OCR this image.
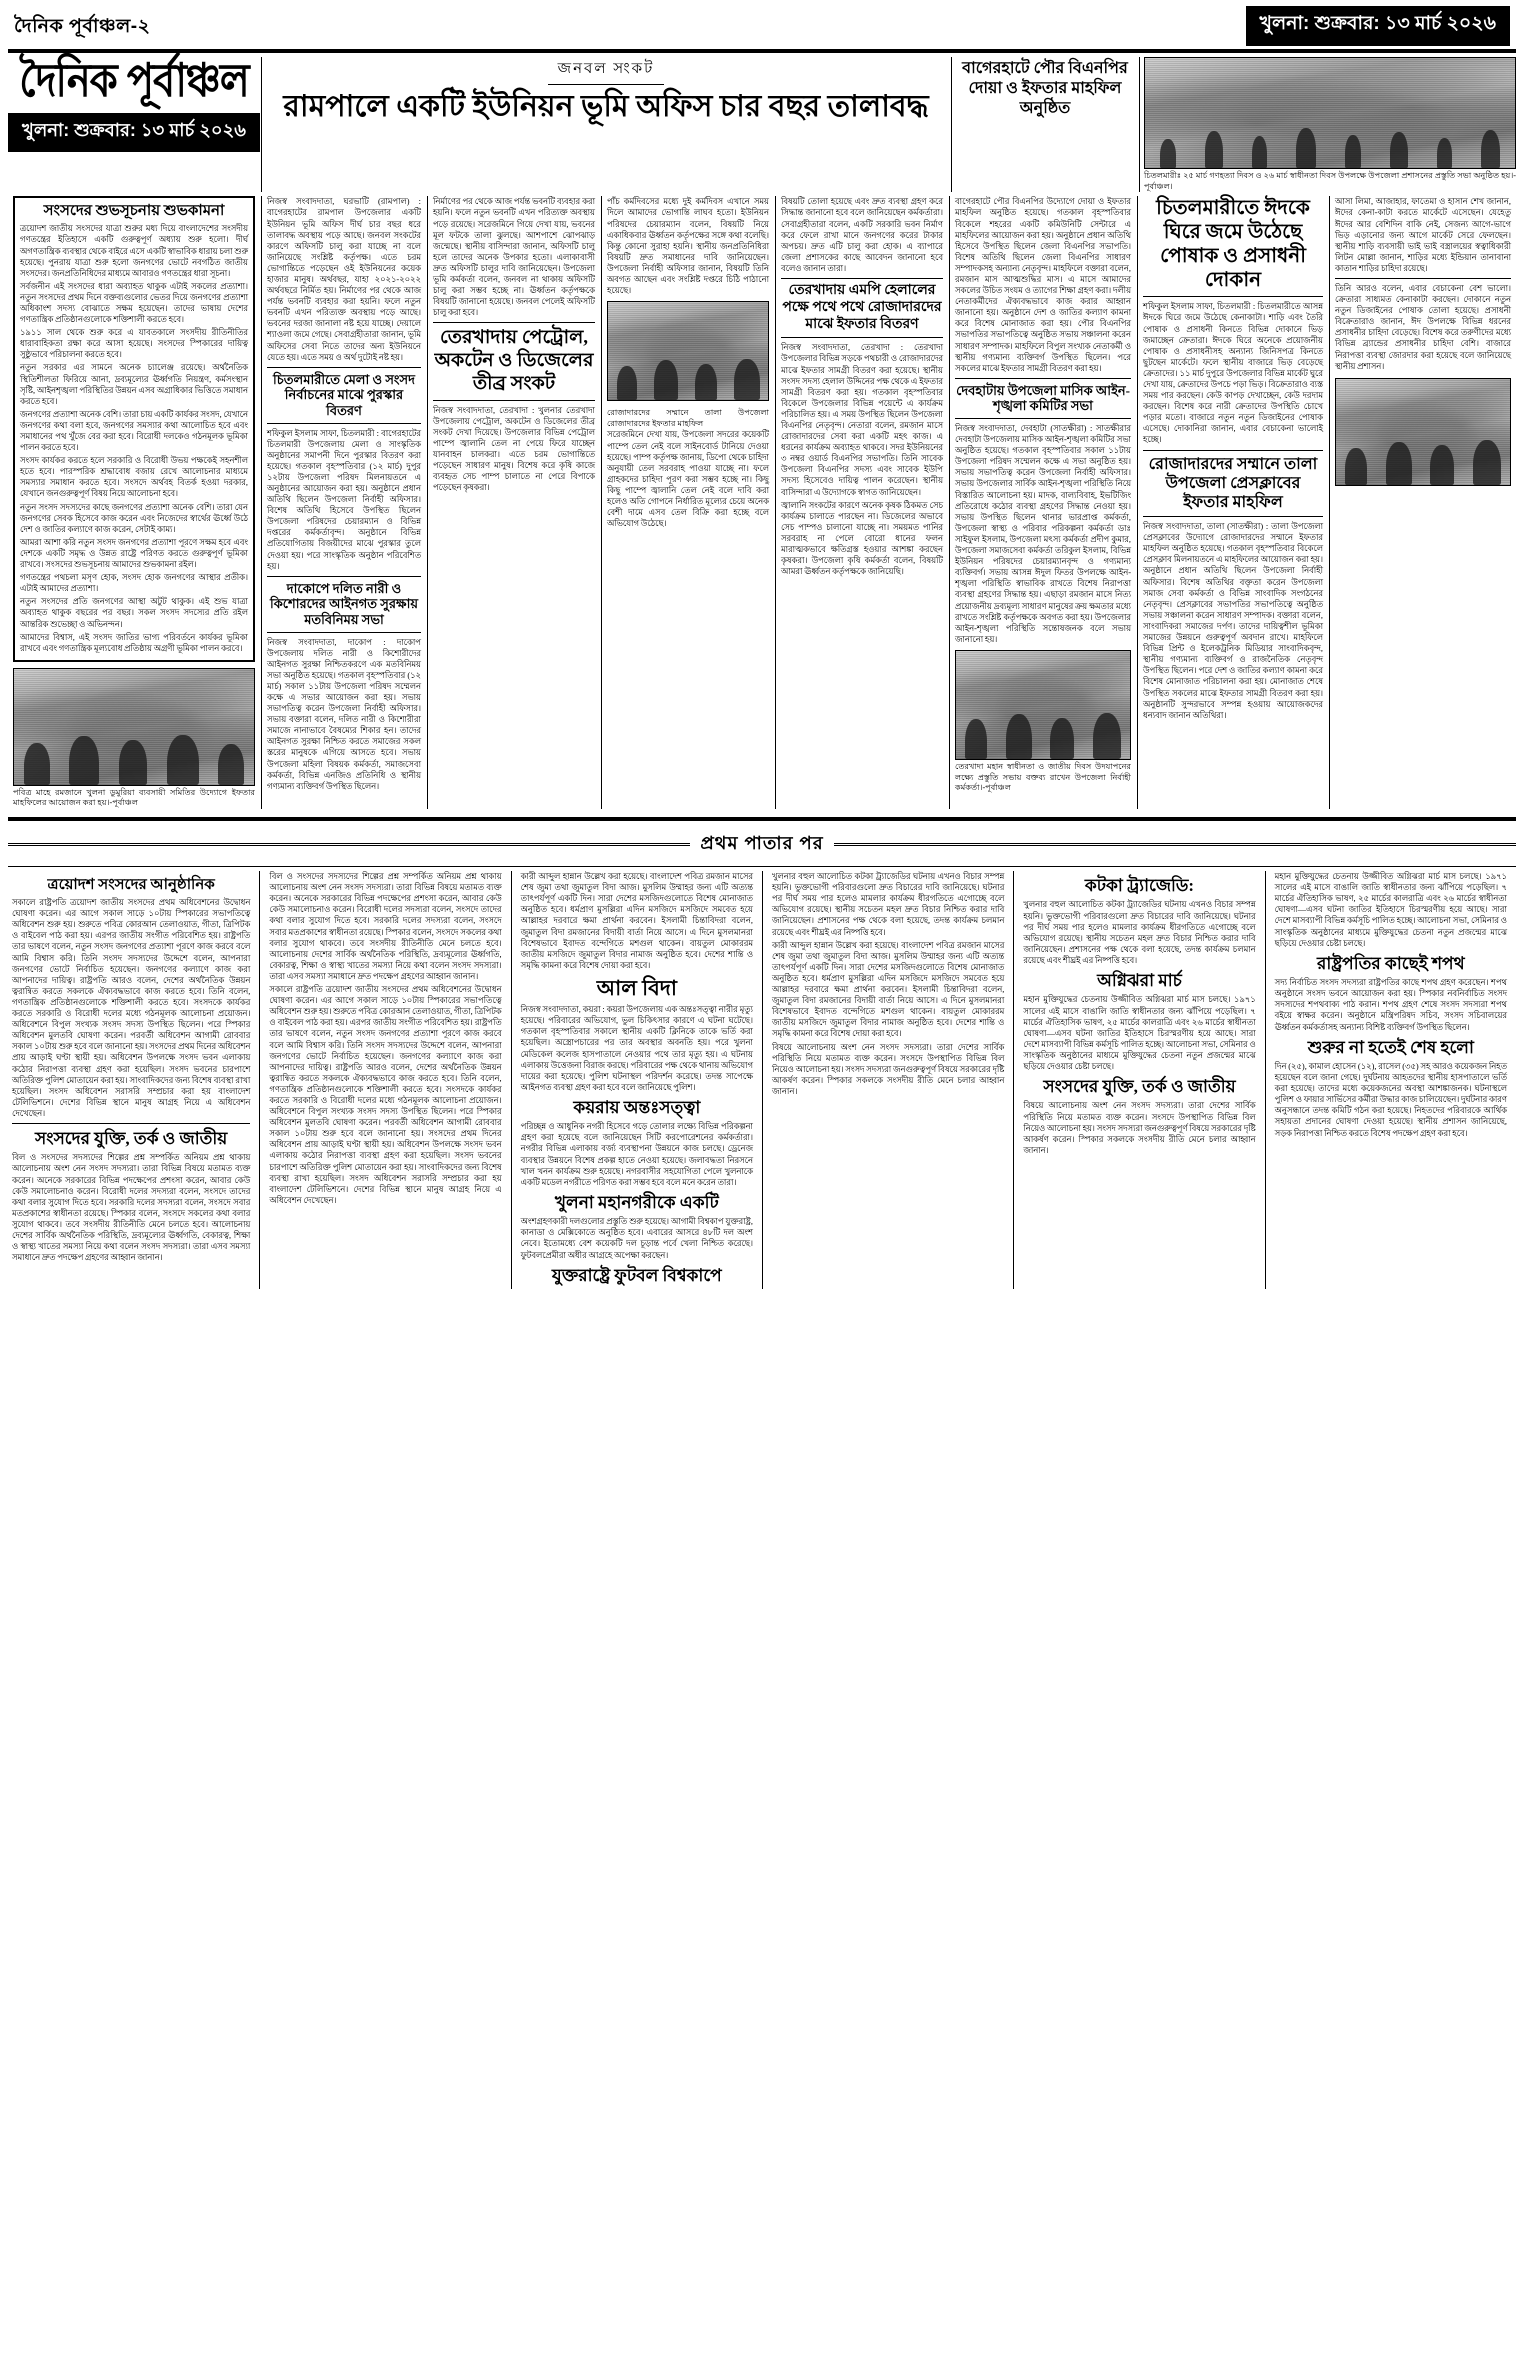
দৈনিক পূর্বাঞ্চল-২	খুলনা: শুক্রবার: ১৩ মার্চ ২০২৬
দৈনিক পূর্বাঞ্চল
খুলনা: শুক্রবার: ১৩ মার্চ ২০২৬
জনবল সংকট
রামপালে একটি ইউনিয়ন ভূমি অফিস চার বছর তালাবদ্ধ
বাগেরহাটে পৌর বিএনপির দোয়া ও ইফতার মাহফিল অনুষ্ঠিত
চিতলমারীঃ ২৫ মার্চ গণহত্যা দিবস ও ২৬ মার্চ স্বাধীনতা দিবস উপলক্ষে উপজেলা প্রশাসনের প্রস্তুতি সভা অনুষ্ঠিত হয়।-পূর্বাঞ্চল।
সংসদের শুভসূচনায় শুভকামনা

ত্রয়োদশ জাতীয় সংসদের যাত্রা শুরুর মধ্য দিয়ে বাংলাদেশের সংসদীয় গণতন্ত্রের ইতিহাসে একটি গুরুত্বপূর্ণ অধ্যায় শুরু হলো। দীর্ঘ অগণতান্ত্রিক ব্যবস্থার থেকে বাইরে এসে একটি স্বাভাবিক ধারায় চলা শুরু হয়েছে। পুনরায় যাত্রা শুরু হলো জনগণের ভোটে নবগঠিত জাতীয় সংসদের। জনপ্রতিনিধিদের মাধ্যমে আবারও গণতন্ত্রের ধারা সূচনা।

সর্বজনীন এই সংসদের ধারা অব্যাহত থাকুক এটাই সকলের প্রত্যাশা। নতুন সংসদের প্রথম দিনে বক্তব্যগুলোর ভেতর দিয়ে জনগণের প্রত্যাশা অধিকাংশ সদস্য বোঝাতে সক্ষম হয়েছেন। তাদের ভাষায় দেশের গণতান্ত্রিক প্রতিষ্ঠানগুলোকে শক্তিশালী করতে হবে।

১৯১১ সাল থেকে শুরু করে এ যাবতকালে সংসদীয় রীতিনীতির ধারাবাহিকতা রক্ষা করে আসা হয়েছে। সংসদের স্পিকারের দায়িত্ব সুষ্ঠুভাবে পরিচালনা করতে হবে।

নতুন সরকার এর সামনে অনেক চ্যালেঞ্জ রয়েছে। অর্থনৈতিক স্থিতিশীলতা ফিরিয়ে আনা, দ্রব্যমূল্যের ঊর্ধ্বগতি নিয়ন্ত্রণ, কর্মসংস্থান সৃষ্টি, আইনশৃঙ্খলা পরিস্থিতির উন্নয়ন এসব অগ্রাধিকার ভিত্তিতে সমাধান করতে হবে।

জনগণের প্রত্যাশা অনেক বেশি। তারা চায় একটি কার্যকর সংসদ, যেখানে জনগণের কথা বলা হবে, জনগণের সমস্যার কথা আলোচিত হবে এবং সমাধানের পথ খুঁজে বের করা হবে। বিরোধী দলকেও গঠনমূলক ভূমিকা পালন করতে হবে।

সংসদ কার্যকর করতে হলে সরকারি ও বিরোধী উভয় পক্ষকেই সহনশীল হতে হবে। পারস্পরিক শ্রদ্ধাবোধ বজায় রেখে আলোচনার মাধ্যমে সমস্যার সমাধান করতে হবে। সংসদে অর্থবহ বিতর্ক হওয়া দরকার, যেখানে জনগুরুত্বপূর্ণ বিষয় নিয়ে আলোচনা হবে।

নতুন সংসদ সদস্যদের কাছে জনগণের প্রত্যাশা অনেক বেশি। তারা যেন জনগণের সেবক হিসেবে কাজ করেন এবং নিজেদের স্বার্থের ঊর্ধ্বে উঠে দেশ ও জাতির কল্যাণে কাজ করেন, সেটাই কাম্য।

আমরা আশা করি নতুন সংসদ জনগণের প্রত্যাশা পূরণে সক্ষম হবে এবং দেশকে একটি সমৃদ্ধ ও উন্নত রাষ্ট্রে পরিণত করতে গুরুত্বপূর্ণ ভূমিকা রাখবে। সংসদের শুভসূচনায় আমাদের শুভকামনা রইল।

গণতন্ত্রের পথচলা মসৃণ হোক, সংসদ হোক জনগণের আস্থার প্রতীক। এটাই আমাদের প্রত্যাশা।

নতুন সংসদের প্রতি জনগণের আস্থা অটুট থাকুক। এই শুভ যাত্রা অব্যাহত থাকুক বছরের পর বছর। সকল সংসদ সদস্যের প্রতি রইল আন্তরিক শুভেচ্ছা ও অভিনন্দন।

আমাদের বিশ্বাস, এই সংসদ জাতির ভাগ্য পরিবর্তনে কার্যকর ভূমিকা রাখবে এবং গণতান্ত্রিক মূল্যবোধ প্রতিষ্ঠায় অগ্রণী ভূমিকা পালন করবে।

পবিত্র মাহে রমজানে খুলনা ডুমুরিয়া ব্যবসায়ী সমিতির উদ্যোগে ইফতার মাহফিলের আয়োজন করা হয়।-পূর্বাঞ্চল

নিজস্ব সংবাদদাতা, ঘরভাটি (রামপাল) : বাগেরহাটের রামপাল উপজেলার একটি ইউনিয়ন ভূমি অফিস দীর্ঘ চার বছর ধরে তালাবদ্ধ অবস্থায় পড়ে আছে। জনবল সংকটের কারণে অফিসটি চালু করা যাচ্ছে না বলে জানিয়েছে সংশ্লিষ্ট কর্তৃপক্ষ। এতে চরম ভোগান্তিতে পড়েছেন ওই ইউনিয়নের কয়েক হাজার মানুষ। অর্থবছর, যাহা ২০২১-২০২২ অর্থবছরে নির্মিত হয়। নির্মাণের পর থেকে আজ পর্যন্ত ভবনটি ব্যবহার করা হয়নি। ফলে নতুন ভবনটি এখন পরিত্যক্ত অবস্থায় পড়ে আছে। ভবনের দরজা জানালা নষ্ট হয়ে যাচ্ছে। দেয়ালে শ্যাওলা জমে গেছে। সেবাগ্রহীতারা জানান, ভূমি অফিসের সেবা নিতে তাদের অন্য ইউনিয়নে যেতে হয়। এতে সময় ও অর্থ দুটোই নষ্ট হয়।

চিতলমারীতে মেলা ও সংসদ নির্বাচনের মাঝে পুরস্কার বিতরণ

শফিকুল ইসলাম সাফা, চিতলমারী : বাগেরহাটের চিতলমারী উপজেলায় মেলা ও সাংস্কৃতিক অনুষ্ঠানের সমাপনী দিনে পুরস্কার বিতরণ করা হয়েছে। গতকাল বৃহস্পতিবার (১২ মার্চ) দুপুর ১২টায় উপজেলা পরিষদ মিলনায়তনে এ অনুষ্ঠানের আয়োজন করা হয়। অনুষ্ঠানে প্রধান অতিথি ছিলেন উপজেলা নির্বাহী অফিসার। বিশেষ অতিথি হিসেবে উপস্থিত ছিলেন উপজেলা পরিষদের চেয়ারম্যান ও বিভিন্ন দপ্তরের কর্মকর্তাবৃন্দ। অনুষ্ঠানে বিভিন্ন প্রতিযোগিতায় বিজয়ীদের মাঝে পুরস্কার তুলে দেওয়া হয়। পরে সাংস্কৃতিক অনুষ্ঠান পরিবেশিত হয়।

দাকোপে দলিত নারী ও কিশোরদের আইনগত সুরক্ষায় মতবিনিময় সভা

নিজস্ব সংবাদদাতা, দাকোপ : দাকোপ উপজেলায় দলিত নারী ও কিশোরীদের আইনগত সুরক্ষা নিশ্চিতকরণে এক মতবিনিময় সভা অনুষ্ঠিত হয়েছে। গতকাল বৃহস্পতিবার (১২ মার্চ) সকাল ১১টায় উপজেলা পরিষদ সম্মেলন কক্ষে এ সভার আয়োজন করা হয়। সভায় সভাপতিত্ব করেন উপজেলা নির্বাহী অফিসার। সভায় বক্তারা বলেন, দলিত নারী ও কিশোরীরা সমাজে নানাভাবে বৈষম্যের শিকার হন। তাদের আইনগত সুরক্ষা নিশ্চিত করতে সমাজের সকল স্তরের মানুষকে এগিয়ে আসতে হবে। সভায় উপজেলা মহিলা বিষয়ক কর্মকর্তা, সমাজসেবা কর্মকর্তা, বিভিন্ন এনজিও প্রতিনিধি ও স্থানীয় গণ্যমান্য ব্যক্তিবর্গ উপস্থিত ছিলেন।

নির্মাণের পর থেকে আজ পর্যন্ত ভবনটি ব্যবহার করা হয়নি। ফলে নতুন ভবনটি এখন পরিত্যক্ত অবস্থায় পড়ে রয়েছে। সরেজমিনে গিয়ে দেখা যায়, ভবনের মূল ফটকে তালা ঝুলছে। আশপাশে ঝোপঝাড় জন্মেছে। স্থানীয় বাসিন্দারা জানান, অফিসটি চালু হলে তাদের অনেক উপকার হতো। এলাকাবাসী দ্রুত অফিসটি চালুর দাবি জানিয়েছেন। উপজেলা ভূমি কর্মকর্তা বলেন, জনবল না থাকায় অফিসটি চালু করা সম্ভব হচ্ছে না। ঊর্ধ্বতন কর্তৃপক্ষকে বিষয়টি জানানো হয়েছে। জনবল পেলেই অফিসটি চালু করা হবে।

তেরখাদায় পেট্রোল, অকটেন ও ডিজেলের তীব্র সংকট

নিজস্ব সংবাদদাতা, তেরখাদা : খুলনার তেরখাদা উপজেলায় পেট্রোল, অকটেন ও ডিজেলের তীব্র সংকট দেখা দিয়েছে। উপজেলার বিভিন্ন পেট্রোল পাম্পে জ্বালানি তেল না পেয়ে ফিরে যাচ্ছেন যানবাহন চালকরা। এতে চরম ভোগান্তিতে পড়েছেন সাধারণ মানুষ। বিশেষ করে কৃষি কাজে ব্যবহৃত সেচ পাম্প চালাতে না পেরে বিপাকে পড়েছেন কৃষকরা।

পাঁচ কর্মদিবসের মধ্যে দুই কর্মদিবস এখানে সময় দিলে আমাদের ভোগান্তি লাঘব হতো। ইউনিয়ন পরিষদের চেয়ারম্যান বলেন, বিষয়টি নিয়ে একাধিকবার ঊর্ধ্বতন কর্তৃপক্ষের সঙ্গে কথা বলেছি। কিন্তু কোনো সুরাহা হয়নি। স্থানীয় জনপ্রতিনিধিরা বিষয়টি দ্রুত সমাধানের দাবি জানিয়েছেন। উপজেলা নির্বাহী অফিসার জানান, বিষয়টি তিনি অবগত আছেন এবং সংশ্লিষ্ট দপ্তরে চিঠি পাঠানো হয়েছে।

রোজাদারদের সম্মানে তালা উপজেলা রোজাদারদের ইফতার মাহফিল

সরেজমিনে দেখা যায়, উপজেলা সদরের কয়েকটি পাম্পে তেল নেই বলে সাইনবোর্ড টানিয়ে দেওয়া হয়েছে। পাম্প কর্তৃপক্ষ জানায়, ডিপো থেকে চাহিদা অনুযায়ী তেল সরবরাহ পাওয়া যাচ্ছে না। ফলে গ্রাহকদের চাহিদা পূরণ করা সম্ভব হচ্ছে না। কিছু কিছু পাম্পে জ্বালানি তেল নেই বলে দাবি করা হলেও অতি গোপনে নির্ধারিত মূল্যের চেয়ে অনেক বেশী দামে এসব তেল বিক্রি করা হচ্ছে বলে অভিযোগ উঠেছে।

বিষয়টি তোলা হয়েছে এবং দ্রুত ব্যবস্থা গ্রহণ করে সিদ্ধান্ত জানানো হবে বলে জানিয়েছেন কর্মকর্তারা। সেবাগ্রহীতারা বলেন, একটি সরকারি ভবন নির্মাণ করে ফেলে রাখা মানে জনগণের করের টাকার অপচয়। দ্রুত এটি চালু করা হোক। এ ব্যাপারে জেলা প্রশাসকের কাছে আবেদন জানানো হবে বলেও জানান তারা।

তেরখাদায় এমপি হেলালের পক্ষে পথে পথে রোজাদারদের মাঝে ইফতার বিতরণ

নিজস্ব সংবাদদাতা, তেরখাদা : তেরখাদা উপজেলার বিভিন্ন সড়কে পথচারী ও রোজাদারদের মাঝে ইফতার সামগ্রী বিতরণ করা হয়েছে। স্থানীয় সংসদ সদস্য হেলাল উদ্দিনের পক্ষ থেকে এ ইফতার সামগ্রী বিতরণ করা হয়। গতকাল বৃহস্পতিবার বিকেলে উপজেলার বিভিন্ন পয়েন্টে এ কার্যক্রম পরিচালিত হয়। এ সময় উপস্থিত ছিলেন উপজেলা বিএনপির নেতৃবৃন্দ। নেতারা বলেন, রমজান মাসে রোজাদারদের সেবা করা একটি মহৎ কাজ। এ ধরনের কার্যক্রম অব্যাহত থাকবে। সদর ইউনিয়নের ৩ নম্বর ওয়ার্ড বিএনপির সভাপতি। তিনি সাবেক উপজেলা বিএনপির সদস্য এবং সাবেক ইউপি সদস্য হিসেবেও দায়িত্ব পালন করেছেন। স্থানীয় বাসিন্দারা এ উদ্যোগকে স্বাগত জানিয়েছেন।

জ্বালানি সংকটের কারণে অনেক কৃষক ঠিকমত সেচ কার্যক্রম চালাতে পারছেন না। ডিজেলের অভাবে সেচ পাম্পও চালানো যাচ্ছে না। সময়মত পানির সরবরাহ না পেলে বোরো ধানের ফলন মারাত্মকভাবে ক্ষতিগ্রস্ত হওয়ার আশঙ্কা করছেন কৃষকরা। উপজেলা কৃষি কর্মকর্তা বলেন, বিষয়টি আমরা ঊর্ধ্বতন কর্তৃপক্ষকে জানিয়েছি।

বাগেরহাটে পৌর বিএনপির উদ্যোগে দোয়া ও ইফতার মাহফিল অনুষ্ঠিত হয়েছে। গতকাল বৃহস্পতিবার বিকেলে শহরের একটি কমিউনিটি সেন্টারে এ মাহফিলের আয়োজন করা হয়। অনুষ্ঠানে প্রধান অতিথি হিসেবে উপস্থিত ছিলেন জেলা বিএনপির সভাপতি। বিশেষ অতিথি ছিলেন জেলা বিএনপির সাধারণ সম্পাদকসহ অন্যান্য নেতৃবৃন্দ। মাহফিলে বক্তারা বলেন, রমজান মাস আত্মশুদ্ধির মাস। এ মাসে আমাদের সকলের উচিত সংযম ও ত্যাগের শিক্ষা গ্রহণ করা। দলীয় নেতাকর্মীদের ঐক্যবদ্ধভাবে কাজ করার আহ্বান জানানো হয়। অনুষ্ঠানে দেশ ও জাতির কল্যাণ কামনা করে বিশেষ মোনাজাত করা হয়। পৌর বিএনপির সভাপতির সভাপতিত্বে অনুষ্ঠিত সভায় সঞ্চালনা করেন সাধারণ সম্পাদক। মাহফিলে বিপুল সংখ্যক নেতাকর্মী ও স্থানীয় গণ্যমান্য ব্যক্তিবর্গ উপস্থিত ছিলেন। পরে সকলের মাঝে ইফতার সামগ্রী বিতরণ করা হয়।

দেবহাটায় উপজেলা মাসিক আইন-শৃঙ্খলা কমিটির সভা

নিজস্ব সংবাদদাতা, দেবহাটা (সাতক্ষীরা) : সাতক্ষীরার দেবহাটা উপজেলায় মাসিক আইন-শৃঙ্খলা কমিটির সভা অনুষ্ঠিত হয়েছে। গতকাল বৃহস্পতিবার সকাল ১১টায় উপজেলা পরিষদ সম্মেলন কক্ষে এ সভা অনুষ্ঠিত হয়। সভায় সভাপতিত্ব করেন উপজেলা নির্বাহী অফিসার। সভায় উপজেলার সার্বিক আইন-শৃঙ্খলা পরিস্থিতি নিয়ে বিস্তারিত আলোচনা হয়। মাদক, বাল্যবিবাহ, ইভটিজিং প্রতিরোধে কঠোর ব্যবস্থা গ্রহণের সিদ্ধান্ত নেওয়া হয়। সভায় উপস্থিত ছিলেন থানার ভারপ্রাপ্ত কর্মকর্তা, উপজেলা স্বাস্থ্য ও পরিবার পরিকল্পনা কর্মকর্তা ডাঃ সাইফুল ইসলাম, উপজেলা মৎস্য কর্মকর্তা প্রদীপ কুমার, উপজেলা সমাজসেবা কর্মকর্তা তরিকুল ইসলাম, বিভিন্ন ইউনিয়ন পরিষদের চেয়ারম্যানবৃন্দ ও গণ্যমান্য ব্যক্তিবর্গ। সভায় আসন্ন ঈদুল ফিতর উপলক্ষে আইন-শৃঙ্খলা পরিস্থিতি স্বাভাবিক রাখতে বিশেষ নিরাপত্তা ব্যবস্থা গ্রহণের সিদ্ধান্ত হয়। এছাড়া রমজান মাসে নিত্য প্রয়োজনীয় দ্রব্যমূল্য সাধারণ মানুষের ক্রয় ক্ষমতার মধ্যে রাখতে সংশ্লিষ্ট কর্তৃপক্ষকে অবগত করা হয়। উপজেলার আইন-শৃঙ্খলা পরিস্থিতি সন্তোষজনক বলে সভায় জানানো হয়।

তেরখাদা মহান স্বাধীনতা ও জাতীয় দিবস উদযাপনের লক্ষ্যে প্রস্তুতি সভায় বক্তব্য রাখেন উপজেলা নির্বাহী কর্মকর্তা।-পূর্বাঞ্চল
চিতলমারীতে ঈদকে ঘিরে জমে উঠেছে পোষাক ও প্রসাধনী দোকান

শফিকুল ইসলাম সাফা, চিতলমারী : চিতলমারীতে আসন্ন ঈদকে ঘিরে জমে উঠেছে কেনাকাটা। শাড়ি এবং তৈরি পোষাক ও প্রসাধনী কিনতে বিভিন্ন দোকানে ভিড় জমাচ্ছেন ক্রেতারা। ঈদকে ঘিরে অনেকে প্রয়োজনীয় পোষাক ও প্রসাধনীসহ অন্যান্য জিনিসপত্র কিনতে ছুটছেন মার্কেটে। ফলে স্থানীয় বাজারে ভিড় বেড়েছে ক্রেতাদের। ১১ মার্চ দুপুরে উপজেলার বিভিন্ন মার্কেট ঘুরে দেখা যায়, ক্রেতাদের উপচে পড়া ভিড়। বিক্রেতারাও ব্যস্ত সময় পার করছেন। কেউ কাপড় দেখাচ্ছেন, কেউ দরদাম করছেন। বিশেষ করে নারী ক্রেতাদের উপস্থিতি চোখে পড়ার মতো। বাজারে নতুন নতুন ডিজাইনের পোষাক এসেছে। দোকানিরা জানান, এবার বেচাকেনা ভালোই হচ্ছে।

রোজাদারদের সম্মানে তালা উপজেলা প্রেসক্লাবের ইফতার মাহফিল

নিজস্ব সংবাদদাতা, তালা (সাতক্ষীরা) : তালা উপজেলা প্রেসক্লাবের উদ্যোগে রোজাদারদের সম্মানে ইফতার মাহফিল অনুষ্ঠিত হয়েছে। গতকাল বৃহস্পতিবার বিকেলে প্রেসক্লাব মিলনায়তনে এ মাহফিলের আয়োজন করা হয়। অনুষ্ঠানে প্রধান অতিথি ছিলেন উপজেলা নির্বাহী অফিসার। বিশেষ অতিথির বক্তৃতা করেন উপজেলা সমাজ সেবা কর্মকর্তা ও বিভিন্ন সাংবাদিক সংগঠনের নেতৃবৃন্দ। প্রেসক্লাবের সভাপতির সভাপতিত্বে অনুষ্ঠিত সভায় সঞ্চালনা করেন সাধারণ সম্পাদক। বক্তারা বলেন, সাংবাদিকরা সমাজের দর্পণ। তাদের দায়িত্বশীল ভূমিকা সমাজের উন্নয়নে গুরুত্বপূর্ণ অবদান রাখে। মাহফিলে বিভিন্ন প্রিন্ট ও ইলেকট্রনিক মিডিয়ার সাংবাদিকবৃন্দ, স্থানীয় গণ্যমান্য ব্যক্তিবর্গ ও রাজনৈতিক নেতৃবৃন্দ উপস্থিত ছিলেন। পরে দেশ ও জাতির কল্যাণ কামনা করে বিশেষ মোনাজাত পরিচালনা করা হয়। মোনাজাত শেষে উপস্থিত সকলের মাঝে ইফতার সামগ্রী বিতরণ করা হয়। অনুষ্ঠানটি সুন্দরভাবে সম্পন্ন হওয়ায় আয়োজকদের ধন্যবাদ জানান অতিথিরা।

আসা লিমা, আজাহার, ফাতেমা ও হাসান শেখ জানান, ঈদের কেনা-কাটা করতে মার্কেটে এসেছেন। যেহেতু ঈদের আর বেশিদিন বাকি নেই, সেজন্য আগে-ভাগে ভিড় এড়ানোর জন্য আগে মার্কেট সেরে ফেলছেন। স্থানীয় শাড়ি ব্যবসায়ী ভাই ভাই বস্ত্রালয়ের স্বত্বাধিকারী লিটন মোল্লা জানান, শাড়ির মধ্যে ইন্ডিয়ান তানাবানা কাতান শাড়ির চাহিদা রয়েছে।

তিনি আরও বলেন, এবার বেচাকেনা বেশ ভালো। ক্রেতারা সাধ্যমত কেনাকাটা করছেন। দোকানে নতুন নতুন ডিজাইনের পোষাক তোলা হয়েছে। প্রসাধনী বিক্রেতারাও জানান, ঈদ উপলক্ষে বিভিন্ন ধরনের প্রসাধনীর চাহিদা বেড়েছে। বিশেষ করে তরুণীদের মধ্যে বিভিন্ন ব্র্যান্ডের প্রসাধনীর চাহিদা বেশি। বাজারে নিরাপত্তা ব্যবস্থা জোরদার করা হয়েছে বলে জানিয়েছে স্থানীয় প্রশাসন।

প্রথম পাতার পর
ত্রয়োদশ সংসদের আনুষ্ঠানিক

সকালে রাষ্ট্রপতি ত্রয়োদশ জাতীয় সংসদের প্রথম অধিবেশনের উদ্বোধন ঘোষণা করেন। এর আগে সকাল সাড়ে ১০টায় স্পিকারের সভাপতিত্বে অধিবেশন শুরু হয়। শুরুতে পবিত্র কোরআন তেলাওয়াত, গীতা, ত্রিপিটক ও বাইবেল পাঠ করা হয়। এরপর জাতীয় সংগীত পরিবেশিত হয়। রাষ্ট্রপতি তার ভাষণে বলেন, নতুন সংসদ জনগণের প্রত্যাশা পূরণে কাজ করবে বলে আমি বিশ্বাস করি। তিনি সংসদ সদস্যদের উদ্দেশে বলেন, আপনারা জনগণের ভোটে নির্বাচিত হয়েছেন। জনগণের কল্যাণে কাজ করা আপনাদের দায়িত্ব। রাষ্ট্রপতি আরও বলেন, দেশের অর্থনৈতিক উন্নয়ন ত্বরান্বিত করতে সকলকে ঐক্যবদ্ধভাবে কাজ করতে হবে। তিনি বলেন, গণতান্ত্রিক প্রতিষ্ঠানগুলোকে শক্তিশালী করতে হবে। সংসদকে কার্যকর করতে সরকারি ও বিরোধী দলের মধ্যে গঠনমূলক আলোচনা প্রয়োজন। অধিবেশনে বিপুল সংখ্যক সংসদ সদস্য উপস্থিত ছিলেন। পরে স্পিকার অধিবেশন মুলতবি ঘোষণা করেন। পরবর্তী অধিবেশন আগামী রোববার সকাল ১০টায় শুরু হবে বলে জানানো হয়। সংসদের প্রথম দিনের অধিবেশন প্রায় আড়াই ঘণ্টা স্থায়ী হয়। অধিবেশন উপলক্ষে সংসদ ভবন এলাকায় কঠোর নিরাপত্তা ব্যবস্থা গ্রহণ করা হয়েছিল। সংসদ ভবনের চারপাশে অতিরিক্ত পুলিশ মোতায়েন করা হয়। সাংবাদিকদের জন্য বিশেষ ব্যবস্থা রাখা হয়েছিল। সংসদ অধিবেশন সরাসরি সম্প্রচার করা হয় বাংলাদেশ টেলিভিশনে। দেশের বিভিন্ন স্থানে মানুষ আগ্রহ নিয়ে এ অধিবেশন দেখেছেন।

সংসদের যুক্তি, তর্ক ও জাতীয়

বিল ও সংসদের সদস্যদের শিল্পের প্রশ্ন সম্পর্কিত অনিয়ম প্রশ্ন থাকায় আলোচনায় অংশ নেন সংসদ সদস্যরা। তারা বিভিন্ন বিষয়ে মতামত ব্যক্ত করেন। অনেকে সরকারের বিভিন্ন পদক্ষেপের প্রশংসা করেন, আবার কেউ কেউ সমালোচনাও করেন। বিরোধী দলের সদস্যরা বলেন, সংসদে তাদের কথা বলার সুযোগ দিতে হবে। সরকারি দলের সদস্যরা বলেন, সংসদে সবার মতপ্রকাশের স্বাধীনতা রয়েছে। স্পিকার বলেন, সংসদে সকলের কথা বলার সুযোগ থাকবে। তবে সংসদীয় রীতিনীতি মেনে চলতে হবে। আলোচনায় দেশের সার্বিক অর্থনৈতিক পরিস্থিতি, দ্রব্যমূল্যের ঊর্ধ্বগতি, বেকারত্ব, শিক্ষা ও স্বাস্থ্য খাতের সমস্যা নিয়ে কথা বলেন সংসদ সদস্যরা। তারা এসব সমস্যা সমাধানে দ্রুত পদক্ষেপ গ্রহণের আহ্বান জানান।

বিল ও সংসদের সদস্যদের শিল্পের প্রশ্ন সম্পর্কিত অনিয়ম প্রশ্ন থাকায় আলোচনায় অংশ নেন সংসদ সদস্যরা। তারা বিভিন্ন বিষয়ে মতামত ব্যক্ত করেন। অনেকে সরকারের বিভিন্ন পদক্ষেপের প্রশংসা করেন, আবার কেউ কেউ সমালোচনাও করেন। বিরোধী দলের সদস্যরা বলেন, সংসদে তাদের কথা বলার সুযোগ দিতে হবে। সরকারি দলের সদস্যরা বলেন, সংসদে সবার মতপ্রকাশের স্বাধীনতা রয়েছে। স্পিকার বলেন, সংসদে সকলের কথা বলার সুযোগ থাকবে। তবে সংসদীয় রীতিনীতি মেনে চলতে হবে। আলোচনায় দেশের সার্বিক অর্থনৈতিক পরিস্থিতি, দ্রব্যমূল্যের ঊর্ধ্বগতি, বেকারত্ব, শিক্ষা ও স্বাস্থ্য খাতের সমস্যা নিয়ে কথা বলেন সংসদ সদস্যরা। তারা এসব সমস্যা সমাধানে দ্রুত পদক্ষেপ গ্রহণের আহ্বান জানান।

সকালে রাষ্ট্রপতি ত্রয়োদশ জাতীয় সংসদের প্রথম অধিবেশনের উদ্বোধন ঘোষণা করেন। এর আগে সকাল সাড়ে ১০টায় স্পিকারের সভাপতিত্বে অধিবেশন শুরু হয়। শুরুতে পবিত্র কোরআন তেলাওয়াত, গীতা, ত্রিপিটক ও বাইবেল পাঠ করা হয়। এরপর জাতীয় সংগীত পরিবেশিত হয়। রাষ্ট্রপতি তার ভাষণে বলেন, নতুন সংসদ জনগণের প্রত্যাশা পূরণে কাজ করবে বলে আমি বিশ্বাস করি। তিনি সংসদ সদস্যদের উদ্দেশে বলেন, আপনারা জনগণের ভোটে নির্বাচিত হয়েছেন। জনগণের কল্যাণে কাজ করা আপনাদের দায়িত্ব। রাষ্ট্রপতি আরও বলেন, দেশের অর্থনৈতিক উন্নয়ন ত্বরান্বিত করতে সকলকে ঐক্যবদ্ধভাবে কাজ করতে হবে। তিনি বলেন, গণতান্ত্রিক প্রতিষ্ঠানগুলোকে শক্তিশালী করতে হবে। সংসদকে কার্যকর করতে সরকারি ও বিরোধী দলের মধ্যে গঠনমূলক আলোচনা প্রয়োজন। অধিবেশনে বিপুল সংখ্যক সংসদ সদস্য উপস্থিত ছিলেন। পরে স্পিকার অধিবেশন মুলতবি ঘোষণা করেন। পরবর্তী অধিবেশন আগামী রোববার সকাল ১০টায় শুরু হবে বলে জানানো হয়। সংসদের প্রথম দিনের অধিবেশন প্রায় আড়াই ঘণ্টা স্থায়ী হয়। অধিবেশন উপলক্ষে সংসদ ভবন এলাকায় কঠোর নিরাপত্তা ব্যবস্থা গ্রহণ করা হয়েছিল। সংসদ ভবনের চারপাশে অতিরিক্ত পুলিশ মোতায়েন করা হয়। সাংবাদিকদের জন্য বিশেষ ব্যবস্থা রাখা হয়েছিল। সংসদ অধিবেশন সরাসরি সম্প্রচার করা হয় বাংলাদেশ টেলিভিশনে। দেশের বিভিন্ন স্থানে মানুষ আগ্রহ নিয়ে এ অধিবেশন দেখেছেন।

কারী আব্দুল হান্নান উল্লেখ করা হয়েছে। বাংলাদেশ পবিত্র রমজান মাসের শেষ জুমা তথা জুমাতুল বিদা আজ। মুসলিম উম্মাহর জন্য এটি অত্যন্ত তাৎপর্যপূর্ণ একটি দিন। সারা দেশের মসজিদগুলোতে বিশেষ মোনাজাত অনুষ্ঠিত হবে। ধর্মপ্রাণ মুসল্লিরা এদিন মসজিদে মসজিদে সমবেত হয়ে আল্লাহর দরবারে ক্ষমা প্রার্থনা করবেন। ইসলামী চিন্তাবিদরা বলেন, জুমাতুল বিদা রমজানের বিদায়ী বার্তা নিয়ে আসে। এ দিনে মুসলমানরা বিশেষভাবে ইবাদত বন্দেগিতে মশগুল থাকেন। বায়তুল মোকাররম জাতীয় মসজিদে জুমাতুল বিদার নামাজ অনুষ্ঠিত হবে। দেশের শান্তি ও সমৃদ্ধি কামনা করে বিশেষ দোয়া করা হবে।

আল বিদা

নিজস্ব সংবাদদাতা, কয়রা : কয়রা উপজেলায় এক অন্তঃসত্ত্বা নারীর মৃত্যু হয়েছে। পরিবারের অভিযোগ, ভুল চিকিৎসার কারণে এ ঘটনা ঘটেছে। গতকাল বৃহস্পতিবার সকালে স্থানীয় একটি ক্লিনিকে তাকে ভর্তি করা হয়েছিল। অস্ত্রোপচারের পর তার অবস্থার অবনতি হয়। পরে খুলনা মেডিকেল কলেজ হাসপাতালে নেওয়ার পথে তার মৃত্যু হয়। এ ঘটনায় এলাকায় উত্তেজনা বিরাজ করছে। পরিবারের পক্ষ থেকে থানায় অভিযোগ দায়ের করা হয়েছে। পুলিশ ঘটনাস্থল পরিদর্শন করেছে। তদন্ত সাপেক্ষে আইনগত ব্যবস্থা গ্রহণ করা হবে বলে জানিয়েছে পুলিশ।

কয়রায় অন্তঃসত্ত্বা

পরিচ্ছন্ন ও আধুনিক নগরী হিসেবে গড়ে তোলার লক্ষ্যে বিভিন্ন পরিকল্পনা গ্রহণ করা হয়েছে বলে জানিয়েছেন সিটি করপোরেশনের কর্মকর্তারা। নগরীর বিভিন্ন এলাকায় বর্জ্য ব্যবস্থাপনা উন্নয়নে কাজ চলছে। ড্রেনেজ ব্যবস্থার উন্নয়নে বিশেষ প্রকল্প হাতে নেওয়া হয়েছে। জলাবদ্ধতা নিরসনে খাল খনন কার্যক্রম শুরু হয়েছে। নগরবাসীর সহযোগিতা পেলে খুলনাকে একটি মডেল নগরীতে পরিণত করা সম্ভব হবে বলে মনে করেন তারা।

খুলনা মহানগরীকে একটি

অংশগ্রহণকারী দলগুলোর প্রস্তুতি শুরু হয়েছে। আগামী বিশ্বকাপ যুক্তরাষ্ট্র, কানাডা ও মেক্সিকোতে অনুষ্ঠিত হবে। এবারের আসরে ৪৮টি দল অংশ নেবে। ইতোমধ্যে বেশ কয়েকটি দল চূড়ান্ত পর্বে খেলা নিশ্চিত করেছে। ফুটবলপ্রেমীরা অধীর আগ্রহে অপেক্ষা করছেন।

যুক্তরাষ্ট্রে ফুটবল বিশ্বকাপে

খুলনার বহুল আলোচিত কটকা ট্র্যাজেডির ঘটনায় এখনও বিচার সম্পন্ন হয়নি। ভুক্তভোগী পরিবারগুলো দ্রুত বিচারের দাবি জানিয়েছে। ঘটনার পর দীর্ঘ সময় পার হলেও মামলার কার্যক্রম ধীরগতিতে এগোচ্ছে বলে অভিযোগ রয়েছে। স্থানীয় সচেতন মহল দ্রুত বিচার নিশ্চিত করার দাবি জানিয়েছেন। প্রশাসনের পক্ষ থেকে বলা হয়েছে, তদন্ত কার্যক্রম চলমান রয়েছে এবং শীঘ্রই এর নিষ্পত্তি হবে।

কারী আব্দুল হান্নান উল্লেখ করা হয়েছে। বাংলাদেশ পবিত্র রমজান মাসের শেষ জুমা তথা জুমাতুল বিদা আজ। মুসলিম উম্মাহর জন্য এটি অত্যন্ত তাৎপর্যপূর্ণ একটি দিন। সারা দেশের মসজিদগুলোতে বিশেষ মোনাজাত অনুষ্ঠিত হবে। ধর্মপ্রাণ মুসল্লিরা এদিন মসজিদে মসজিদে সমবেত হয়ে আল্লাহর দরবারে ক্ষমা প্রার্থনা করবেন। ইসলামী চিন্তাবিদরা বলেন, জুমাতুল বিদা রমজানের বিদায়ী বার্তা নিয়ে আসে। এ দিনে মুসলমানরা বিশেষভাবে ইবাদত বন্দেগিতে মশগুল থাকেন। বায়তুল মোকাররম জাতীয় মসজিদে জুমাতুল বিদার নামাজ অনুষ্ঠিত হবে। দেশের শান্তি ও সমৃদ্ধি কামনা করে বিশেষ দোয়া করা হবে।

বিষয়ে আলোচনায় অংশ নেন সংসদ সদস্যরা। তারা দেশের সার্বিক পরিস্থিতি নিয়ে মতামত ব্যক্ত করেন। সংসদে উপস্থাপিত বিভিন্ন বিল নিয়েও আলোচনা হয়। সংসদ সদস্যরা জনগুরুত্বপূর্ণ বিষয়ে সরকারের দৃষ্টি আকর্ষণ করেন। স্পিকার সকলকে সংসদীয় রীতি মেনে চলার আহ্বান জানান।

কটকা ট্র্যাজেডি:

খুলনার বহুল আলোচিত কটকা ট্র্যাজেডির ঘটনায় এখনও বিচার সম্পন্ন হয়নি। ভুক্তভোগী পরিবারগুলো দ্রুত বিচারের দাবি জানিয়েছে। ঘটনার পর দীর্ঘ সময় পার হলেও মামলার কার্যক্রম ধীরগতিতে এগোচ্ছে বলে অভিযোগ রয়েছে। স্থানীয় সচেতন মহল দ্রুত বিচার নিশ্চিত করার দাবি জানিয়েছেন। প্রশাসনের পক্ষ থেকে বলা হয়েছে, তদন্ত কার্যক্রম চলমান রয়েছে এবং শীঘ্রই এর নিষ্পত্তি হবে।

অগ্নিঝরা মার্চ

মহান মুক্তিযুদ্ধের চেতনায় উজ্জীবিত অগ্নিঝরা মার্চ মাস চলছে। ১৯৭১ সালের এই মাসে বাঙালি জাতি স্বাধীনতার জন্য ঝাঁপিয়ে পড়েছিল। ৭ মার্চের ঐতিহাসিক ভাষণ, ২৫ মার্চের কালরাত্রি এবং ২৬ মার্চের স্বাধীনতা ঘোষণা—এসব ঘটনা জাতির ইতিহাসে চিরস্মরণীয় হয়ে আছে। সারা দেশে মাসব্যাপী বিভিন্ন কর্মসূচি পালিত হচ্ছে। আলোচনা সভা, সেমিনার ও সাংস্কৃতিক অনুষ্ঠানের মাধ্যমে মুক্তিযুদ্ধের চেতনা নতুন প্রজন্মের মাঝে ছড়িয়ে দেওয়ার চেষ্টা চলছে।

সংসদের যুক্তি, তর্ক ও জাতীয়

বিষয়ে আলোচনায় অংশ নেন সংসদ সদস্যরা। তারা দেশের সার্বিক পরিস্থিতি নিয়ে মতামত ব্যক্ত করেন। সংসদে উপস্থাপিত বিভিন্ন বিল নিয়েও আলোচনা হয়। সংসদ সদস্যরা জনগুরুত্বপূর্ণ বিষয়ে সরকারের দৃষ্টি আকর্ষণ করেন। স্পিকার সকলকে সংসদীয় রীতি মেনে চলার আহ্বান জানান।

মহান মুক্তিযুদ্ধের চেতনায় উজ্জীবিত অগ্নিঝরা মার্চ মাস চলছে। ১৯৭১ সালের এই মাসে বাঙালি জাতি স্বাধীনতার জন্য ঝাঁপিয়ে পড়েছিল। ৭ মার্চের ঐতিহাসিক ভাষণ, ২৫ মার্চের কালরাত্রি এবং ২৬ মার্চের স্বাধীনতা ঘোষণা—এসব ঘটনা জাতির ইতিহাসে চিরস্মরণীয় হয়ে আছে। সারা দেশে মাসব্যাপী বিভিন্ন কর্মসূচি পালিত হচ্ছে। আলোচনা সভা, সেমিনার ও সাংস্কৃতিক অনুষ্ঠানের মাধ্যমে মুক্তিযুদ্ধের চেতনা নতুন প্রজন্মের মাঝে ছড়িয়ে দেওয়ার চেষ্টা চলছে।

রাষ্ট্রপতির কাছেই শপথ

সদ্য নির্বাচিত সংসদ সদস্যরা রাষ্ট্রপতির কাছে শপথ গ্রহণ করেছেন। শপথ অনুষ্ঠানে সংসদ ভবনে আয়োজন করা হয়। স্পিকার নবনির্বাচিত সংসদ সদস্যদের শপথবাক্য পাঠ করান। শপথ গ্রহণ শেষে সংসদ সদস্যরা শপথ বইয়ে স্বাক্ষর করেন। অনুষ্ঠানে মন্ত্রিপরিষদ সচিব, সংসদ সচিবালয়ের ঊর্ধ্বতন কর্মকর্তাসহ অন্যান্য বিশিষ্ট ব্যক্তিবর্গ উপস্থিত ছিলেন।

শুরুর না হতেই শেষ হলো

দিন (২৫), কামাল হোসেন (১২), রাসেল (৩৫) সহ আরও কয়েকজন নিহত হয়েছেন বলে জানা গেছে। দুর্ঘটনায় আহতদের স্থানীয় হাসপাতালে ভর্তি করা হয়েছে। তাদের মধ্যে কয়েকজনের অবস্থা আশঙ্কাজনক। ঘটনাস্থলে পুলিশ ও ফায়ার সার্ভিসের কর্মীরা উদ্ধার কাজ চালিয়েছেন। দুর্ঘটনার কারণ অনুসন্ধানে তদন্ত কমিটি গঠন করা হয়েছে। নিহতদের পরিবারকে আর্থিক সহায়তা প্রদানের ঘোষণা দেওয়া হয়েছে। স্থানীয় প্রশাসন জানিয়েছে, সড়ক নিরাপত্তা নিশ্চিত করতে বিশেষ পদক্ষেপ গ্রহণ করা হবে।
